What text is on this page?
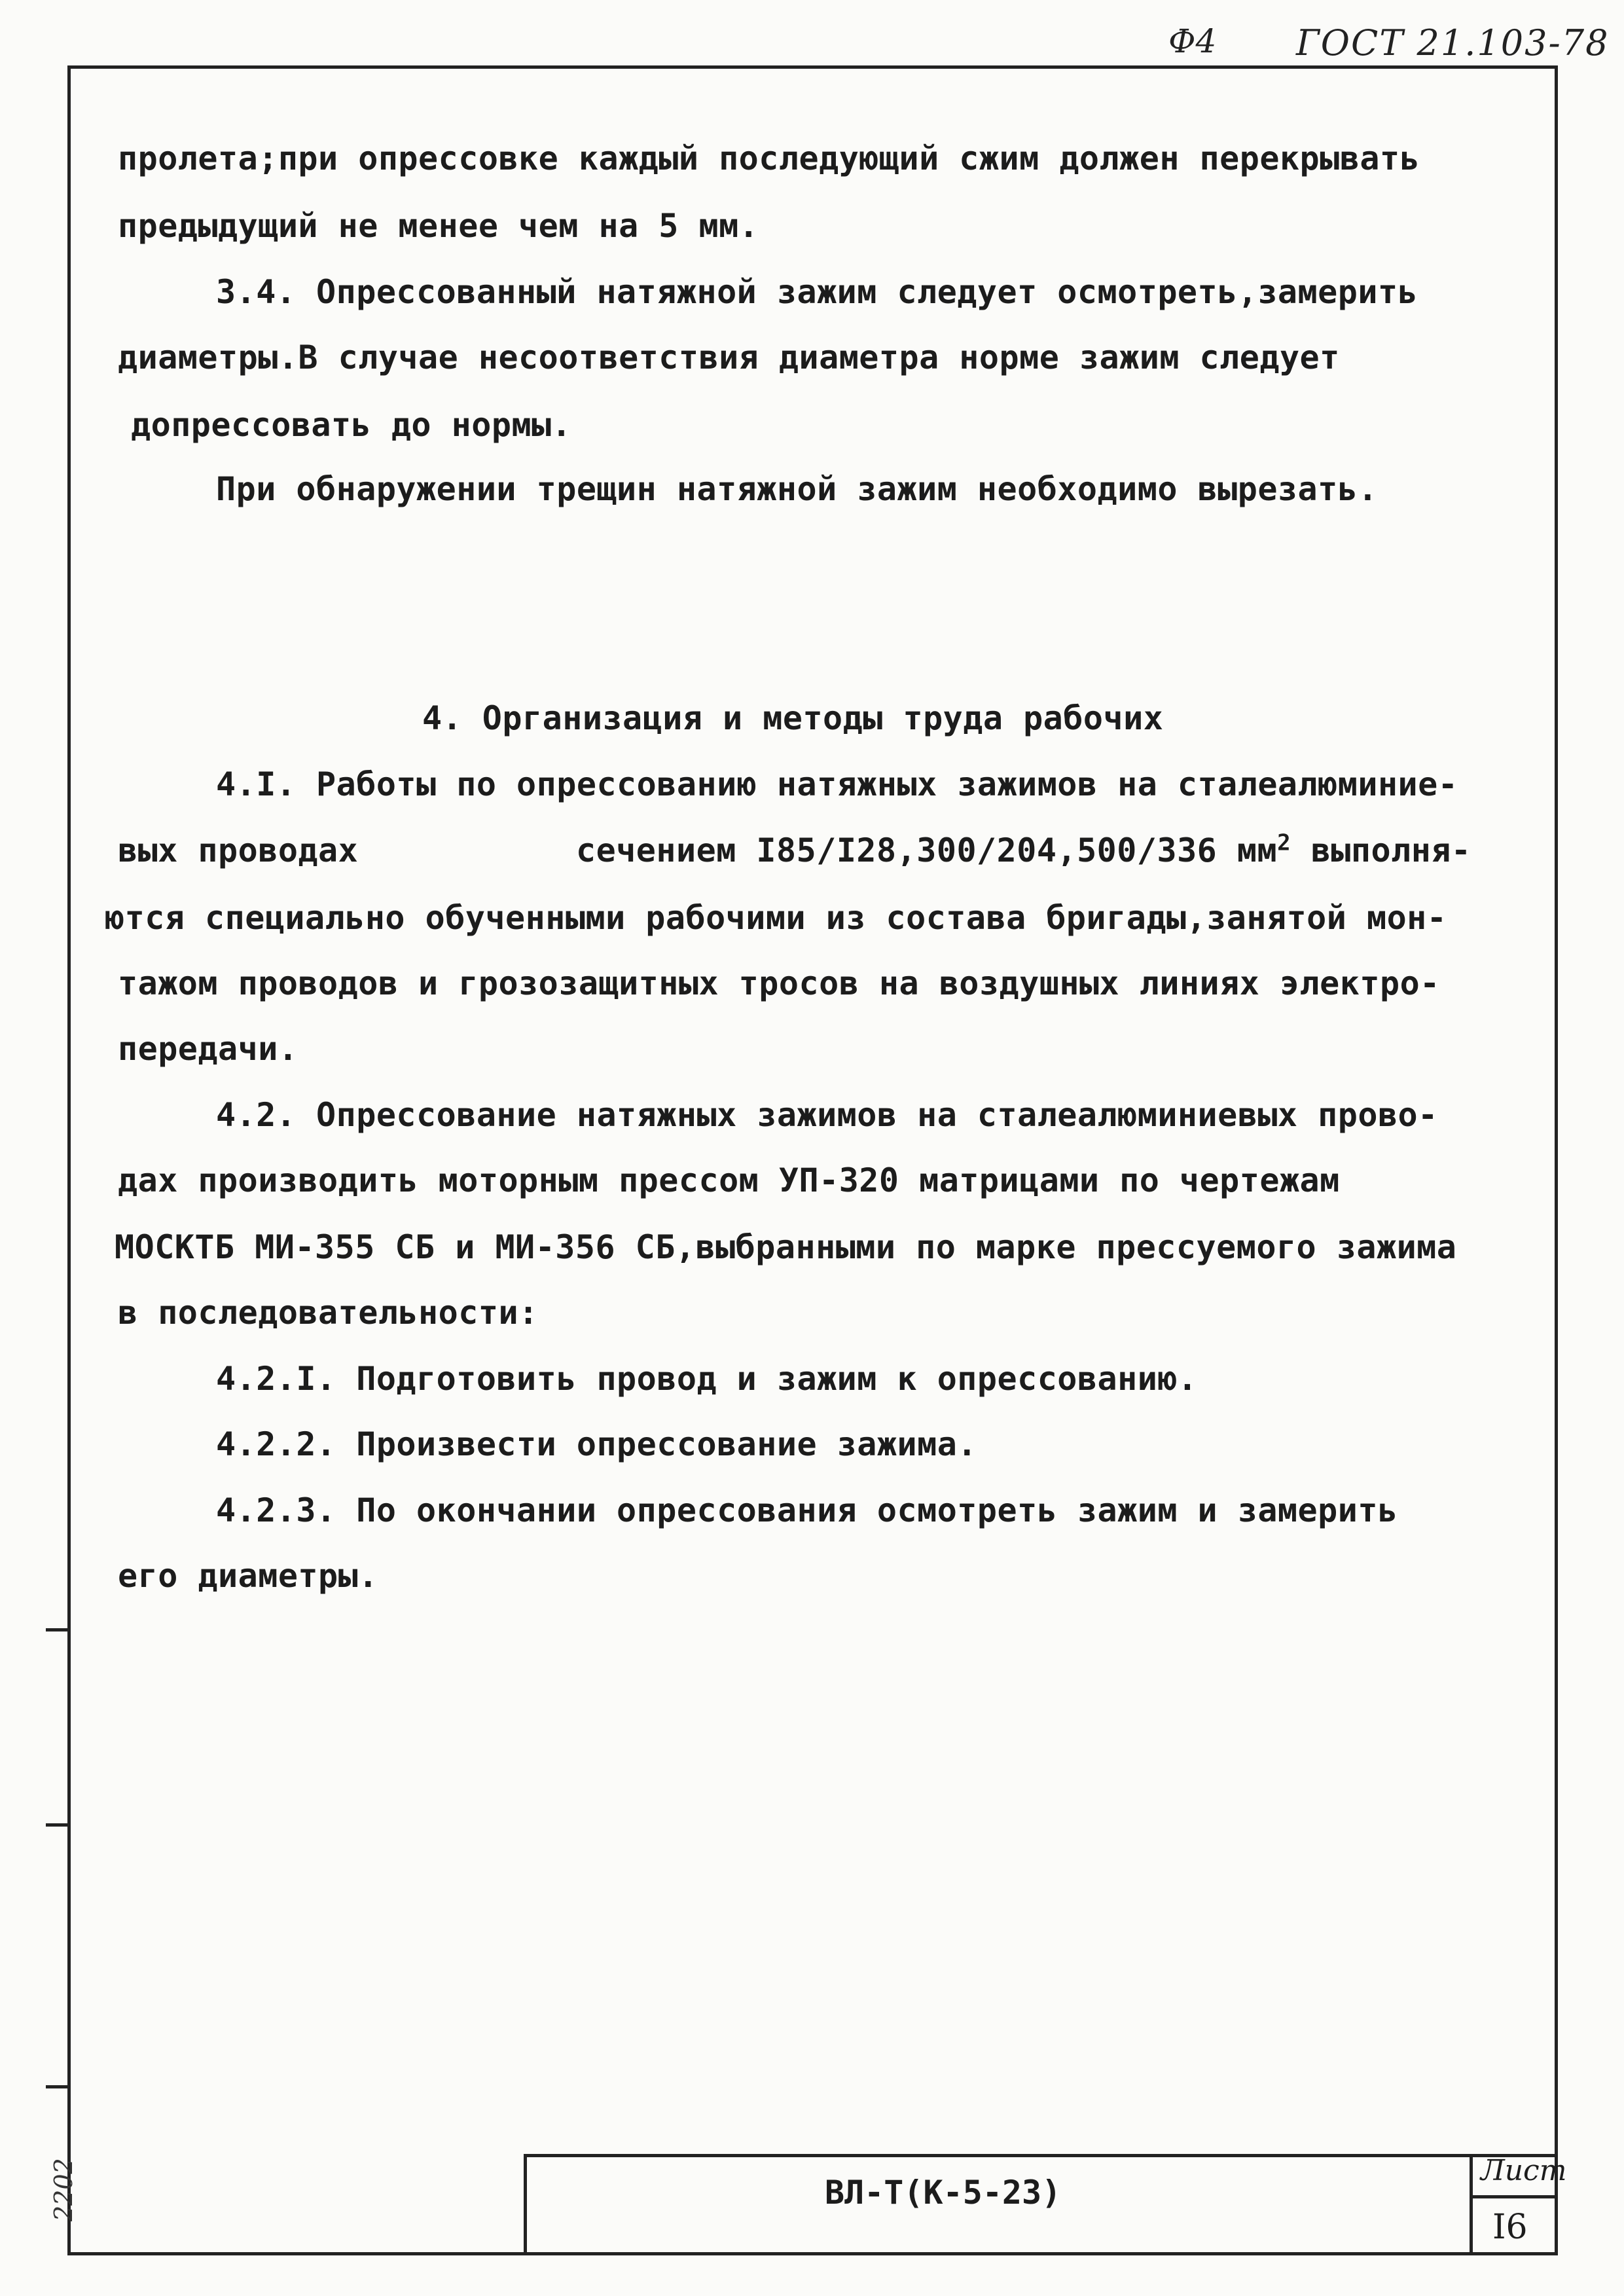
Ф4 ГОСТ 21.103-78
2202
пролета;при опрессовке каждый последующий сжим должен перекрывать
предыдущий не менее чем на 5 мм.
3.4. Опрессованный натяжной зажим следует осмотреть,замерить
диаметры.В случае несоответствия диаметра норме зажим следует
допрессовать до нормы.
При обнаружении трещин натяжной зажим необходимо вырезать.
4. Организация и методы труда рабочих
4.I. Работы по опрессованию натяжных зажимов на сталеалюминие-
вых проводах	сечением I85/I28,300/204,500/336 $мм^2$ выполня-
ются специально обученными рабочими из состава бригады,занятой мон-
тажом проводов и грозозащитных тросов на воздушных линиях электро-
передачи.
4.2. Опрессование натяжных зажимов на сталеалюминиевых прово-
дах производить моторным прессом УП-320 матрицами по чертежам
МОСКТБ МИ-355 СБ и МИ-356 СБ,выбранными по марке прессуемого зажима
в последовательности:
4.2.I. Подготовить провод и зажим к опрессованию.
4.2.2. Произвести опрессование зажима.
4.2.3. По окончании опрессования осмотреть зажим и замерить
его диаметры.
ВЛ-Т(К-5-23)
Лист
I6
